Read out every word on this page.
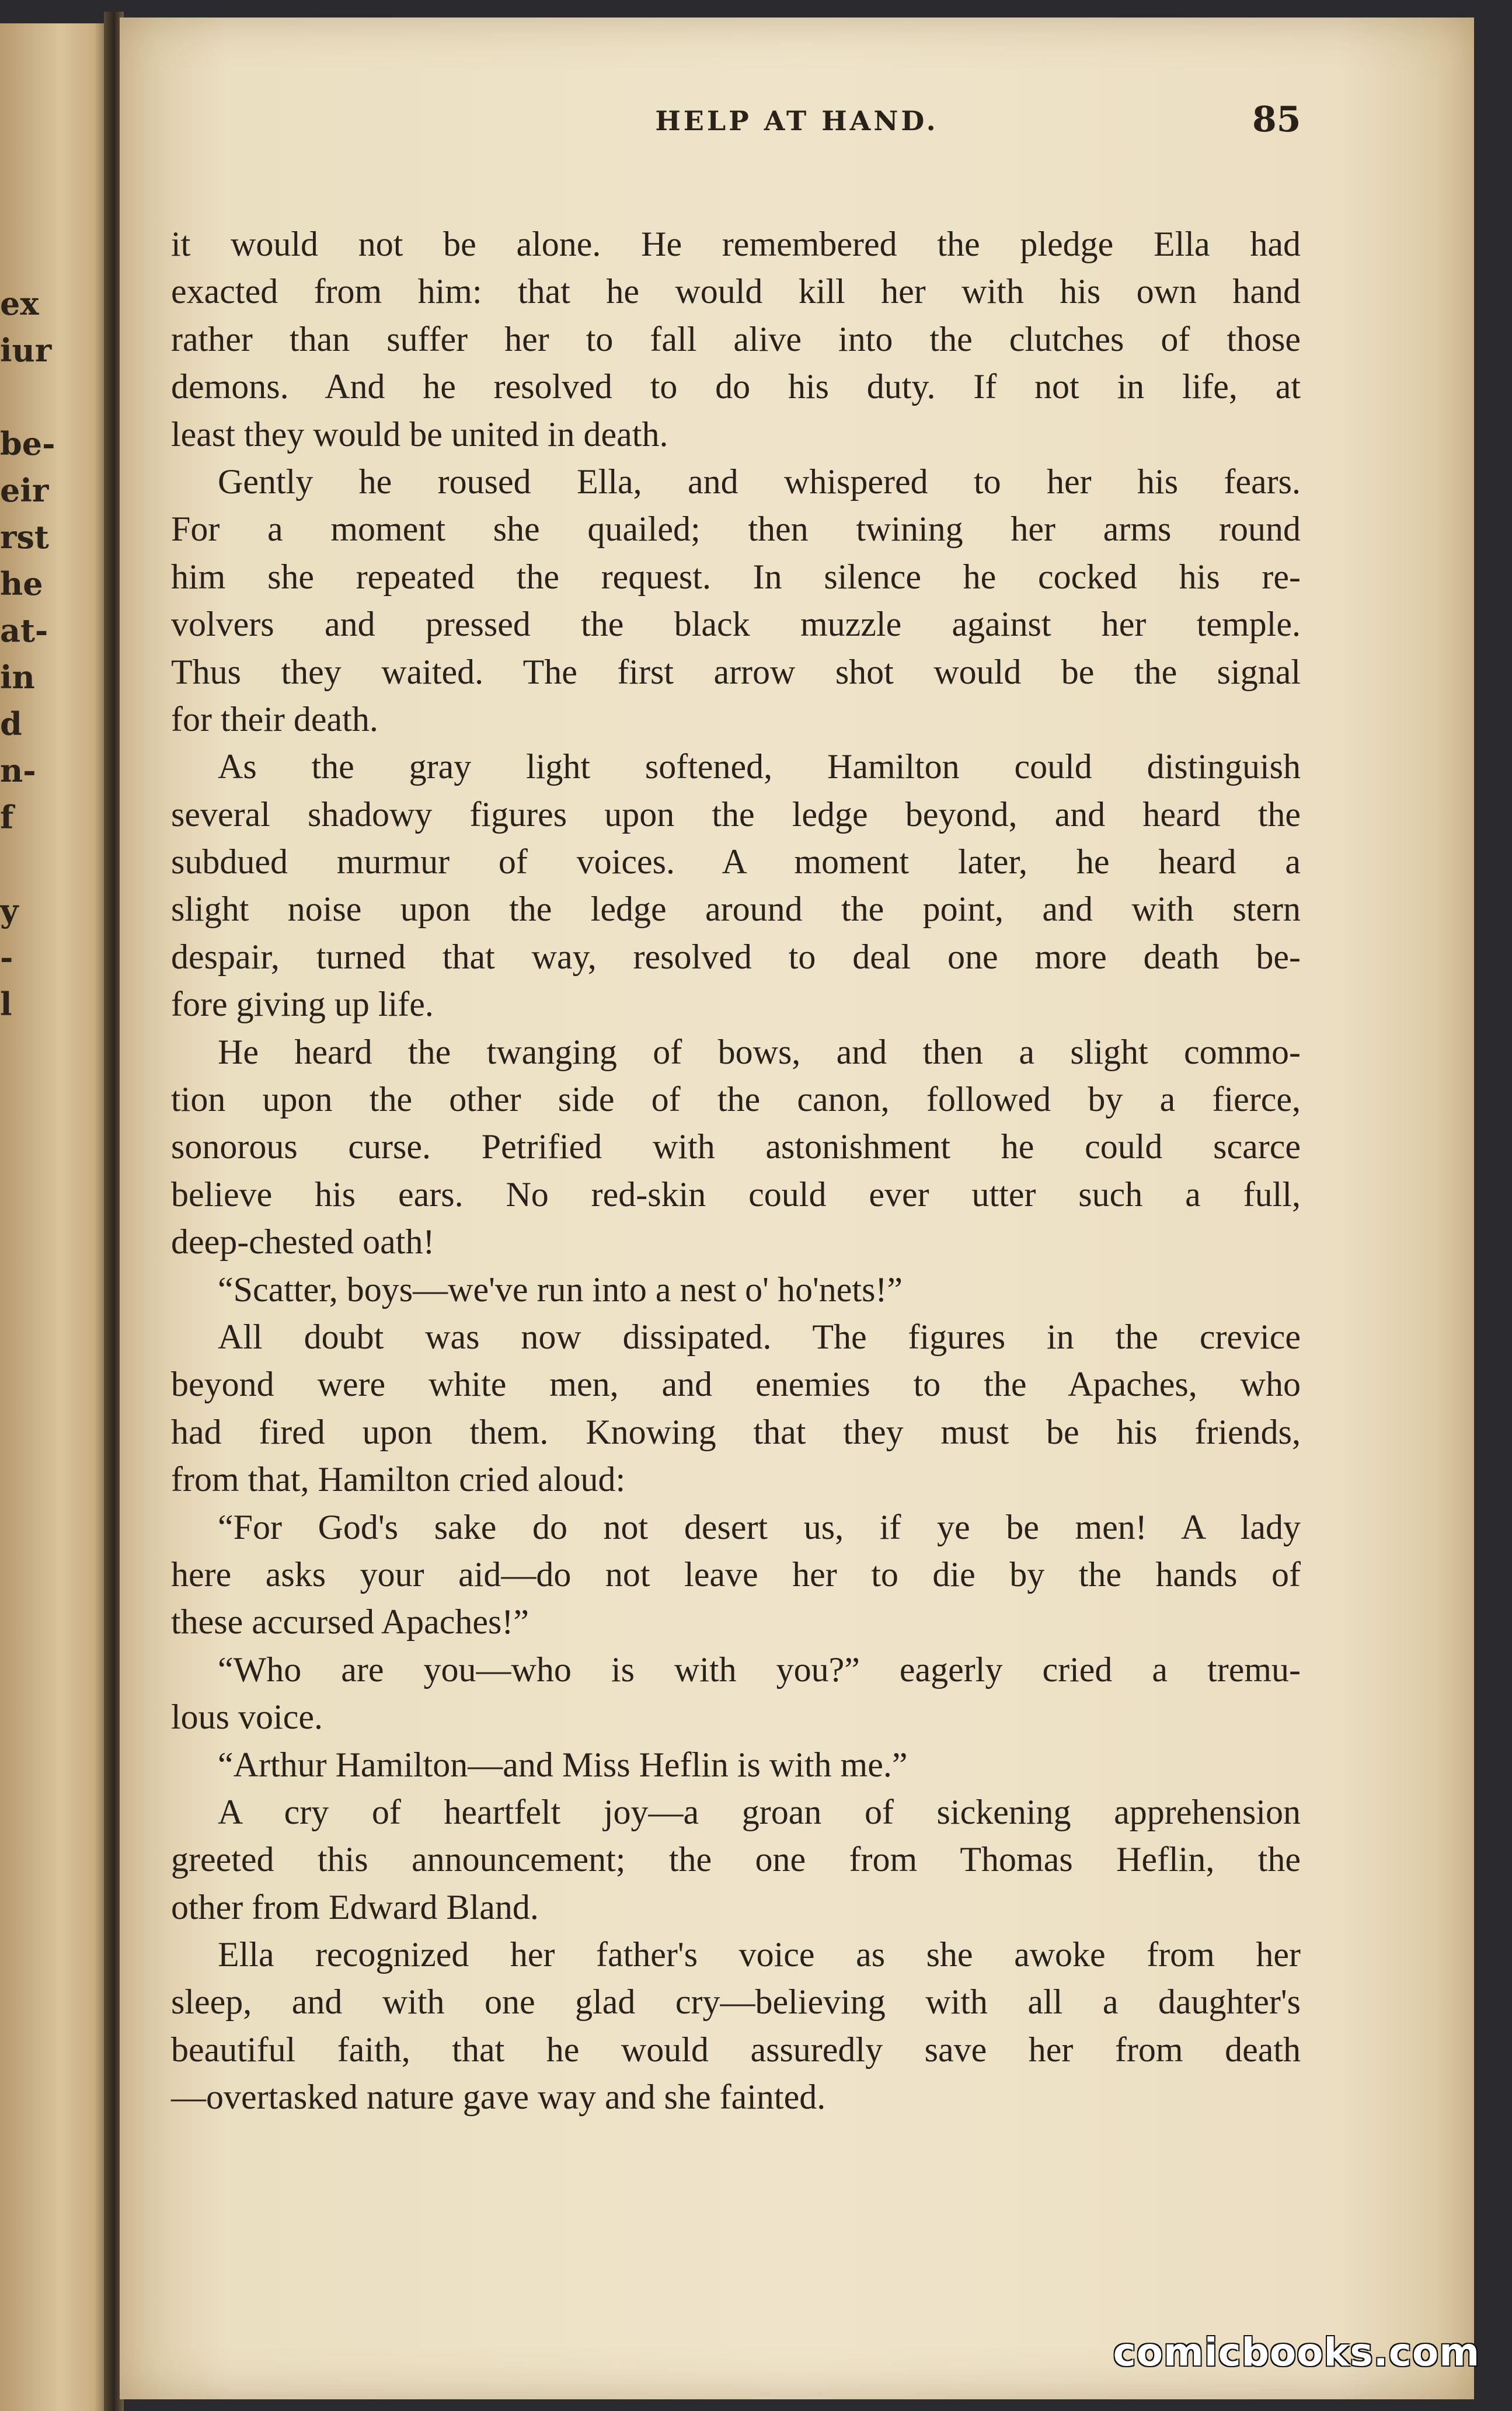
ex
iur
be-
eir
rst
he
at-
in
d
n-
f
y
-
l
HELP AT HAND.	85
it would not be alone. He remembered the pledge Ella had
exacted from him: that he would kill her with his own hand
rather than suffer her to fall alive into the clutches of those
demons. And he resolved to do his duty. If not in life, at
least they would be united in death.
Gently he roused Ella, and whispered to her his fears.
For a moment she quailed; then twining her arms round
him she repeated the request. In silence he cocked his re-
volvers and pressed the black muzzle against her temple.
Thus they waited. The first arrow shot would be the signal
for their death.
As the gray light softened, Hamilton could distinguish
several shadowy figures upon the ledge beyond, and heard the
subdued murmur of voices. A moment later, he heard a
slight noise upon the ledge around the point, and with stern
despair, turned that way, resolved to deal one more death be-
fore giving up life.
He heard the twanging of bows, and then a slight commo-
tion upon the other side of the canon, followed by a fierce,
sonorous curse. Petrified with astonishment he could scarce
believe his ears. No red-skin could ever utter such a full,
deep-chested oath!
“Scatter, boys—we've run into a nest o' ho'nets!”
All doubt was now dissipated. The figures in the crevice
beyond were white men, and enemies to the Apaches, who
had fired upon them. Knowing that they must be his friends,
from that, Hamilton cried aloud:
“For God's sake do not desert us, if ye be men! A lady
here asks your aid—do not leave her to die by the hands of
these accursed Apaches!”
“Who are you—who is with you?” eagerly cried a tremu-
lous voice.
“Arthur Hamilton—and Miss Heflin is with me.”
A cry of heartfelt joy—a groan of sickening apprehension
greeted this announcement; the one from Thomas Heflin, the
other from Edward Bland.
Ella recognized her father's voice as she awoke from her
sleep, and with one glad cry—believing with all a daughter's
beautiful faith, that he would assuredly save her from death
—overtasked nature gave way and she fainted.
comicbooks.com
